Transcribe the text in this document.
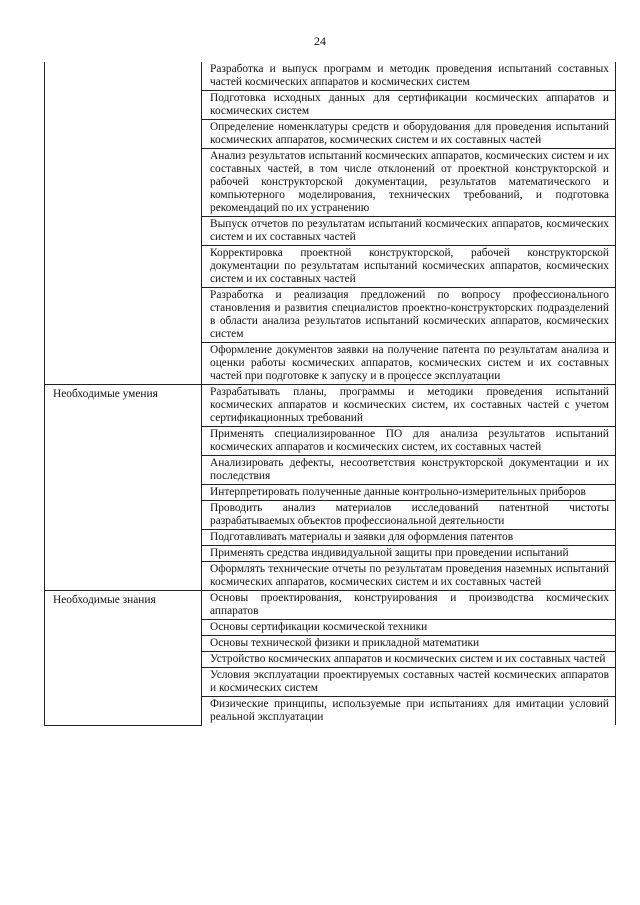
24
	Разработка и выпуск программ и методик проведения испытаний составных частей космических аппаратов и космических систем
	Подготовка исходных данных для сертификации космических аппаратов и космических систем
	Определение номенклатуры средств и оборудования для проведения испытаний космических аппаратов, космических систем и их составных частей
	Анализ результатов испытаний космических аппаратов, космических систем и их составных частей, в том числе отклонений от проектной конструкторской и рабочей конструкторской документации, результатов математического и компьютерного моделирования, технических требований, и подготовка рекомендаций по их устранению
	Выпуск отчетов по результатам испытаний космических аппаратов, космических систем и их составных частей
	Корректировка проектной конструкторской, рабочей конструкторской документации по результатам испытаний космических аппаратов, космических систем и их составных частей
	Разработка и реализация предложений по вопросу профессионального становления и развития специалистов проектно-конструкторских подразделений в области анализа результатов испытаний космических аппаратов, космических систем
	Оформление документов заявки на получение патента по результатам анализа и оценки работы космических аппаратов, космических систем и их составных частей при подготовке к запуску и в процессе эксплуатации
Необходимые умения	Разрабатывать планы, программы и методики проведения испытаний космических аппаратов и космических систем, их составных частей с учетом сертификационных требований
	Применять специализированное ПО для анализа результатов испытаний космических аппаратов и космических систем, их составных частей
	Анализировать дефекты, несоответствия конструкторской документации и их последствия
	Интерпретировать полученные данные контрольно-измерительных приборов
	Проводить анализ материалов исследований патентной чистоты разрабатываемых объектов профессиональной деятельности
	Подготавливать материалы и заявки для оформления патентов
	Применять средства индивидуальной защиты при проведении испытаний
	Оформлять технические отчеты по результатам проведения наземных испытаний космических аппаратов, космических систем и их составных частей
Необходимые знания	Основы проектирования, конструирования и производства космических аппаратов
	Основы сертификации космической техники
	Основы технической физики и прикладной математики
	Устройство космических аппаратов и космических систем и их составных частей
	Условия эксплуатации проектируемых составных частей космических аппаратов и космических систем
	Физические принципы, используемые при испытаниях для имитации условий реальной эксплуатации
